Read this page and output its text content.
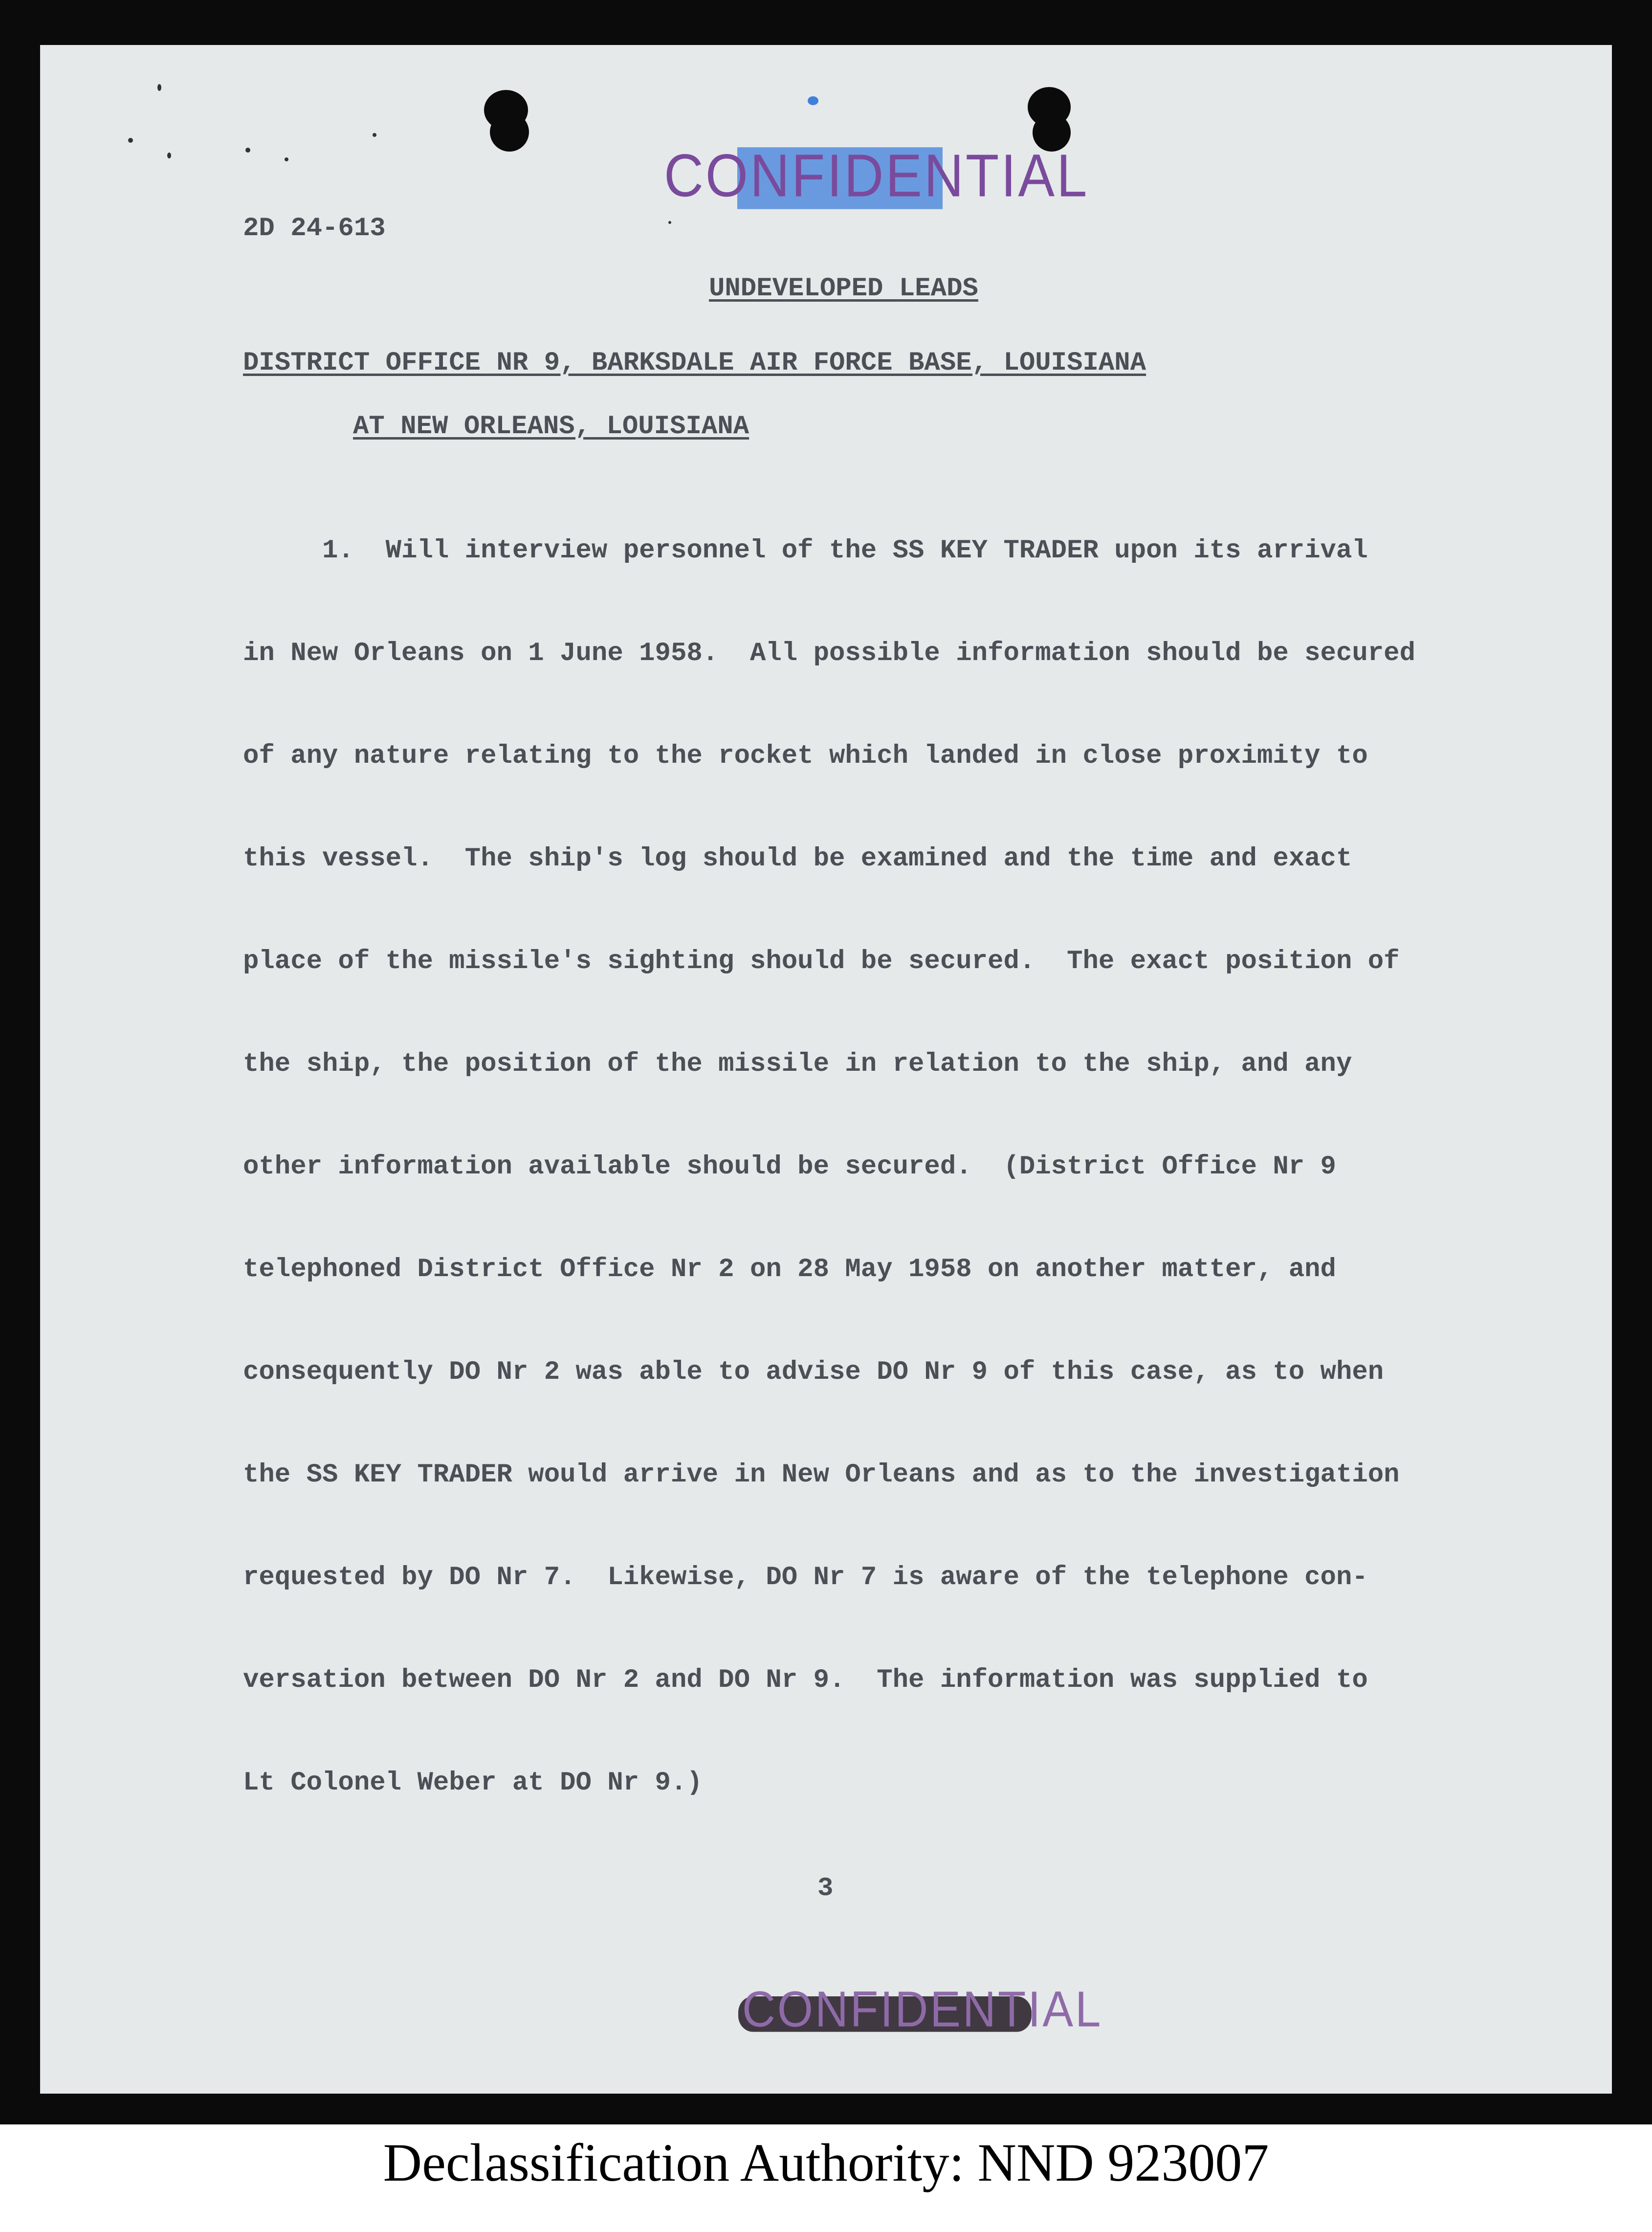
CONFIDENTIAL
2D 24-613
UNDEVELOPED LEADS
DISTRICT OFFICE NR 9, BARKSDALE AIR FORCE BASE, LOUISIANA
AT NEW ORLEANS, LOUISIANA

1.  Will interview personnel of the SS KEY TRADER upon its arrival

in New Orleans on 1 June 1958.  All possible information should be secured

of any nature relating to the rocket which landed in close proximity to

this vessel.  The ship's log should be examined and the time and exact

place of the missile's sighting should be secured.  The exact position of

the ship, the position of the missile in relation to the ship, and any

other information available should be secured.  (District Office Nr 9

telephoned District Office Nr 2 on 28 May 1958 on another matter, and

consequently DO Nr 2 was able to advise DO Nr 9 of this case, as to when

the SS KEY TRADER would arrive in New Orleans and as to the investigation

requested by DO Nr 7.  Likewise, DO Nr 7 is aware of the telephone con-

versation between DO Nr 2 and DO Nr 9.  The information was supplied to

Lt Colonel Weber at DO Nr 9.)

3
CONFIDENTIAL
Declassification Authority: NND 923007
